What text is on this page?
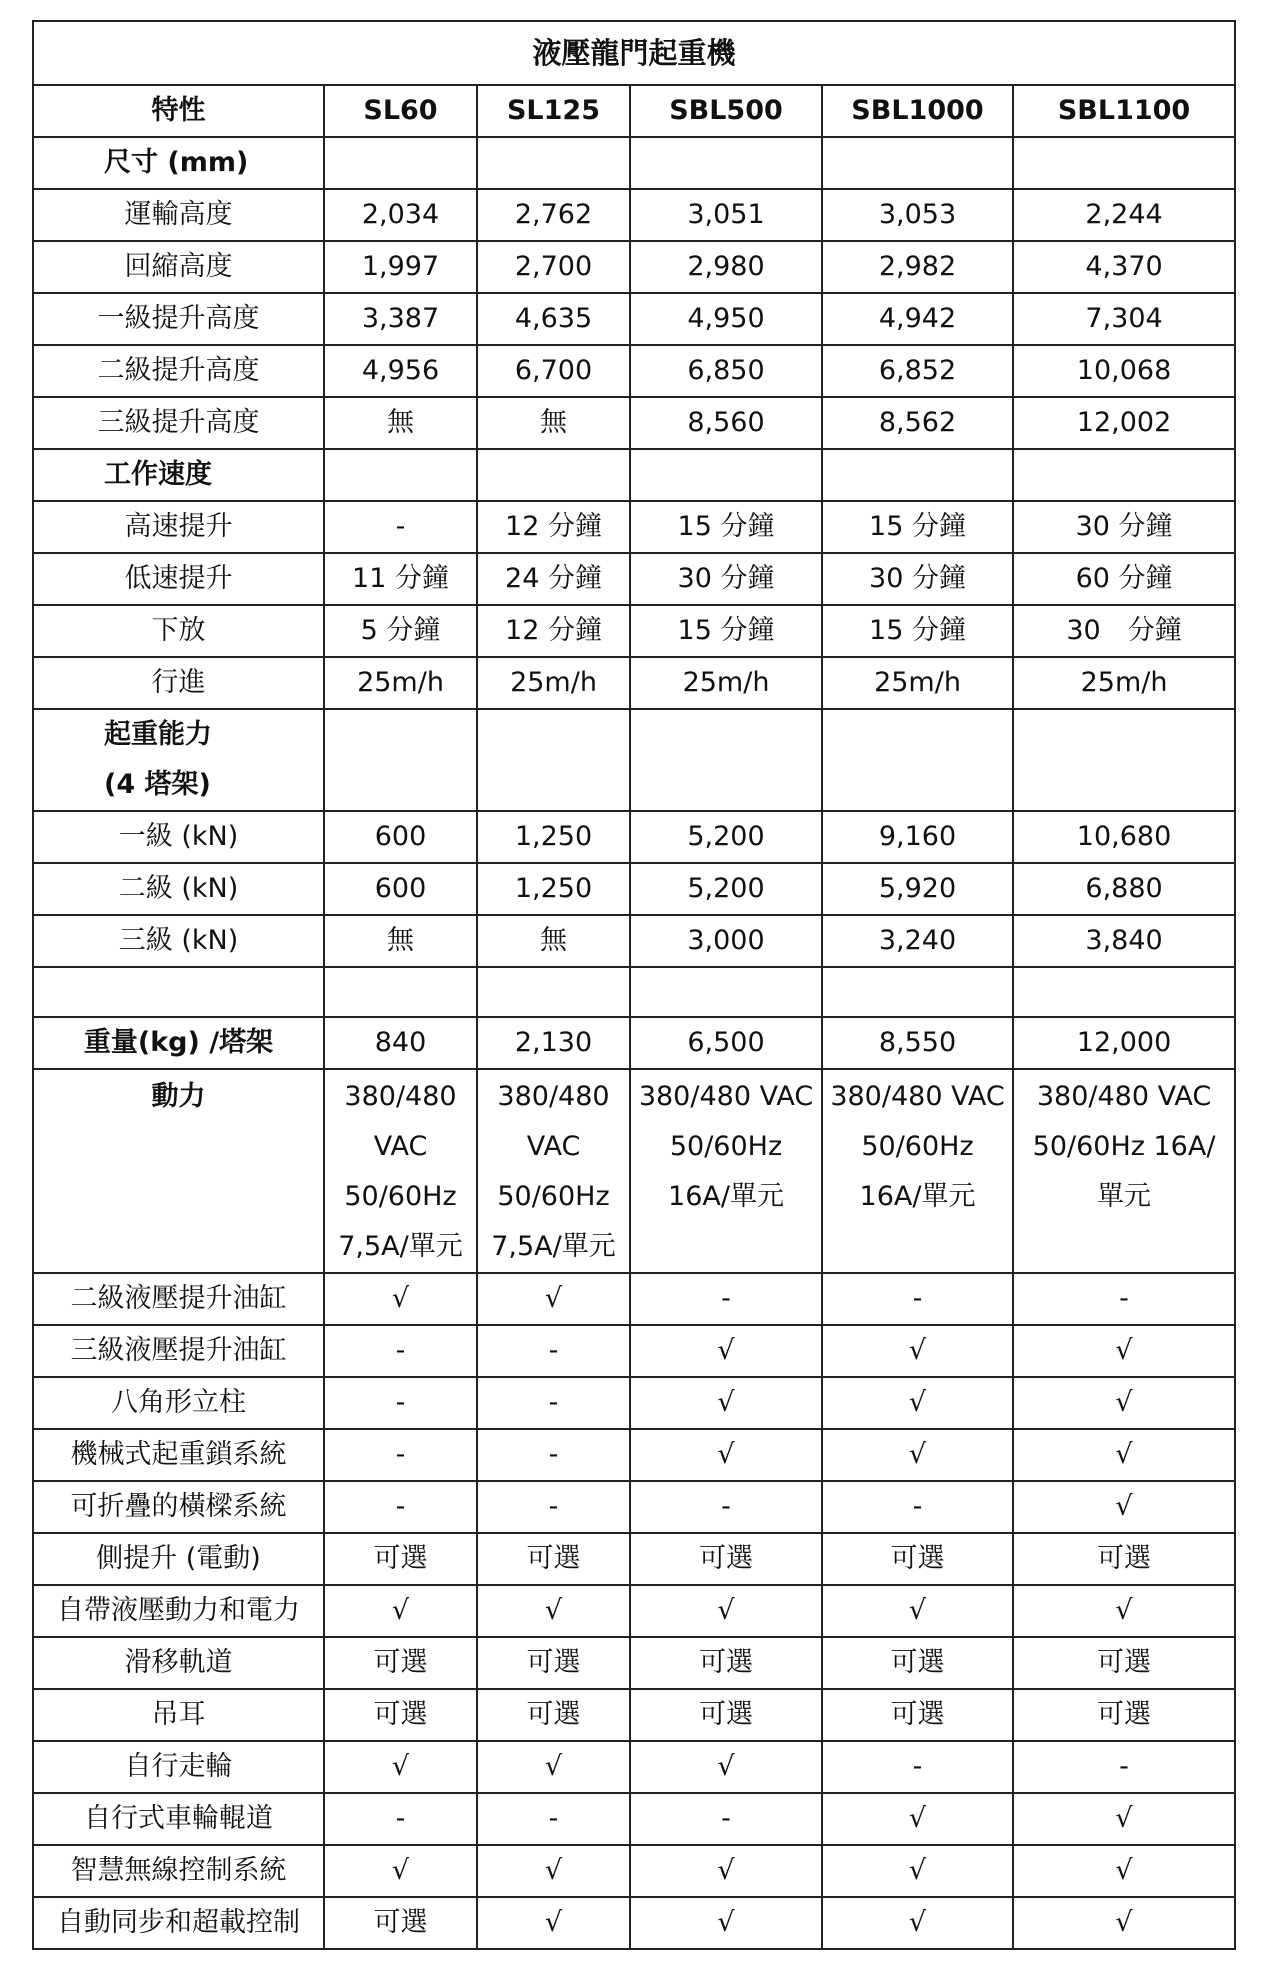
液壓龍門起重機					
特性	SL60	SL125	SBL500	SBL1000	SBL1100
尺寸 (mm)					
運輸高度	2,034	2,762	3,051	3,053	2,244
回縮高度	1,997	2,700	2,980	2,982	4,370
一級提升高度	3,387	4,635	4,950	4,942	7,304
二級提升高度	4,956	6,700	6,850	6,852	10,068
三級提升高度	無	無	8,560	8,562	12,002
工作速度					
高速提升	-	12 分鐘	15 分鐘	15 分鐘	30 分鐘
低速提升	11 分鐘	24 分鐘	30 分鐘	30 分鐘	60 分鐘
下放	5 分鐘	12 分鐘	15 分鐘	15 分鐘	30　分鐘
行進	25m/h	25m/h	25m/h	25m/h	25m/h

起重能力
(4 塔架)					

一級 (kN)	600	1,250	5,200	9,160	10,680
二級 (kN)	600	1,250	5,200	5,920	6,880
三級 (kN)	無	無	3,000	3,240	3,840

重量(kg) /塔架	840	2,130	6,500	8,550	12,000
動力	380/480
VAC
50/60Hz
7,5A/單元	380/480
VAC
50/60Hz
7,5A/單元	380/480 VAC
50/60Hz
16A/單元	380/480 VAC
50/60Hz
16A/單元	380/480 VAC
50/60Hz 16A/
單元

二級液壓提升油缸	√	√	-	-	-
三級液壓提升油缸	-	-	√	√	√
八角形立柱	-	-	√	√	√
機械式起重鎖系統	-	-	√	√	√
可折疊的橫樑系統	-	-	-	-	√
側提升 (電動)	可選	可選	可選	可選	可選
自帶液壓動力和電力	√	√	√	√	√
滑移軌道	可選	可選	可選	可選	可選
吊耳	可選	可選	可選	可選	可選
自行走輪	√	√	√	-	-
自行式車輪輥道	-	-	-	√	√
智慧無線控制系統	√	√	√	√	√
自動同步和超載控制	可選	√	√	√	√
